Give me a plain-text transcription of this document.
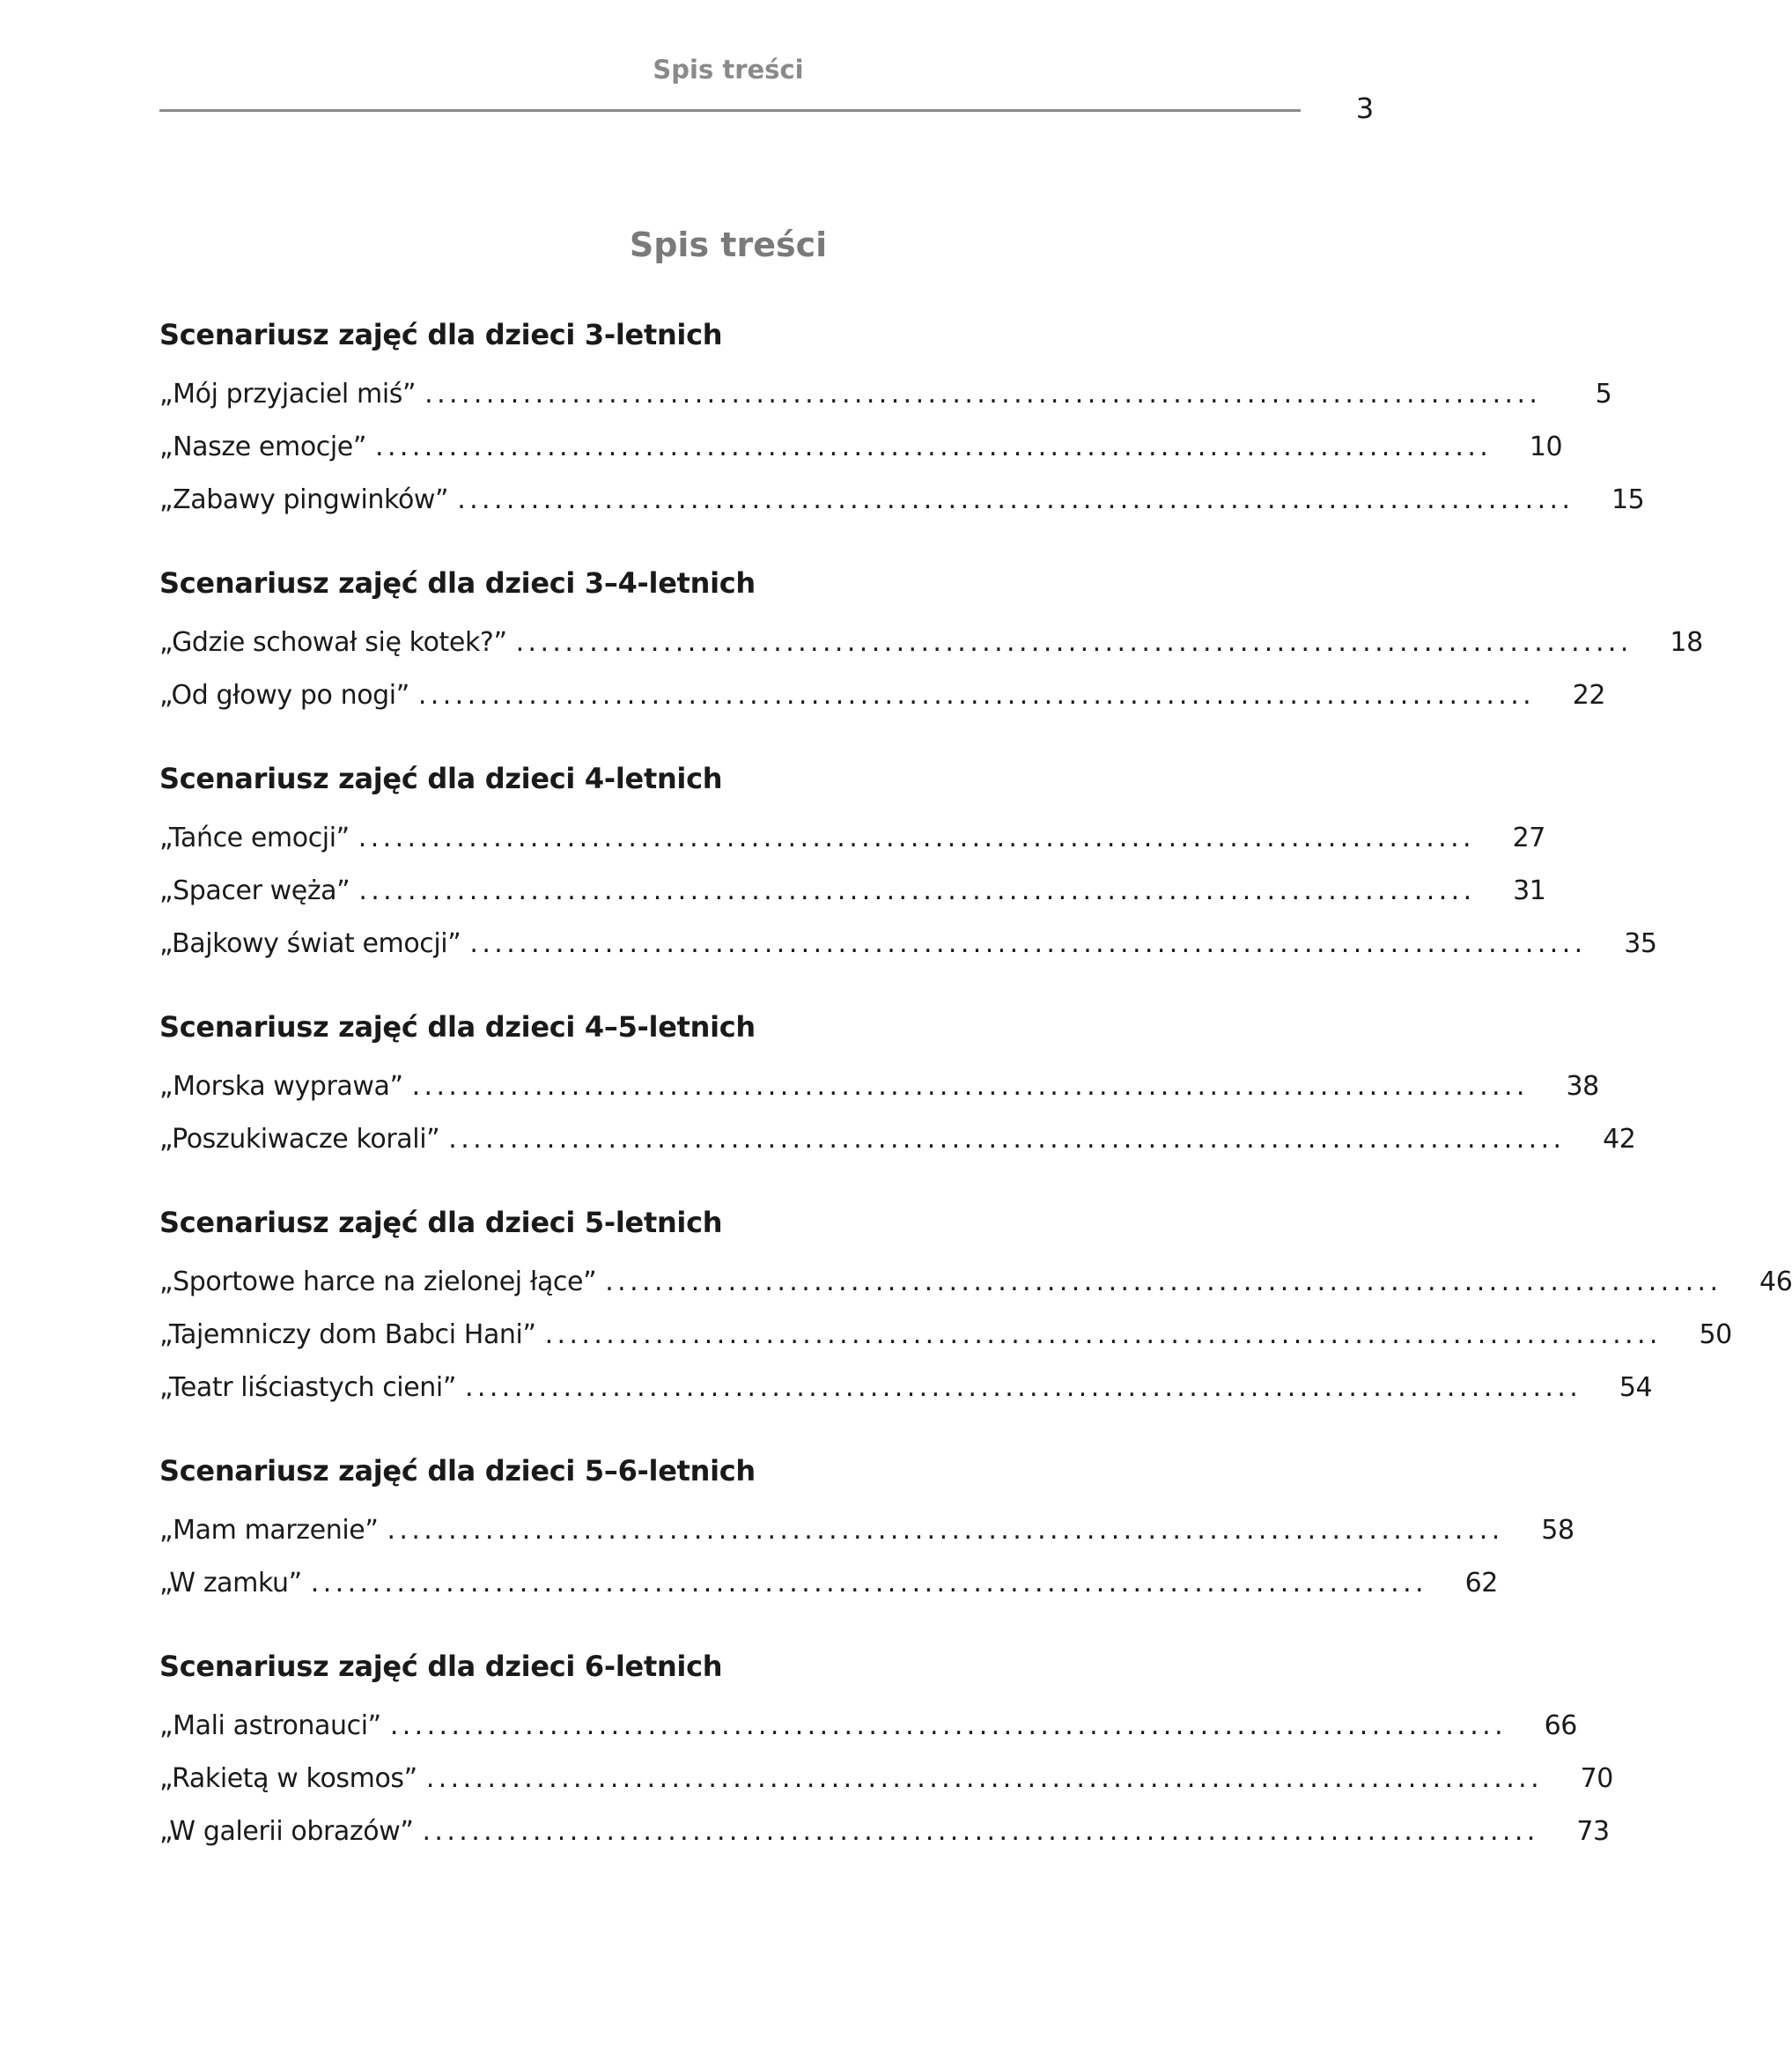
Spis treści
3
Spis treści
Scenariusz zajęć dla dzieci 3-letnich
„Mój przyjaciel miś” ...........................................................................................	5
„Nasze emocje” ...........................................................................................	10
„Zabawy pingwinków” ...........................................................................................	15
Scenariusz zajęć dla dzieci 3–4-letnich
„Gdzie schował się kotek?” ...........................................................................................	18
„Od głowy po nogi” ...........................................................................................	22
Scenariusz zajęć dla dzieci 4-letnich
„Tańce emocji” ...........................................................................................	27
„Spacer węża” ...........................................................................................	31
„Bajkowy świat emocji” ...........................................................................................	35
Scenariusz zajęć dla dzieci 4–5-letnich
„Morska wyprawa” ...........................................................................................	38
„Poszukiwacze korali” ...........................................................................................	42
Scenariusz zajęć dla dzieci 5-letnich
„Sportowe harce na zielonej łące” ...........................................................................................	46
„Tajemniczy dom Babci Hani” ...........................................................................................	50
„Teatr liściastych cieni” ...........................................................................................	54
Scenariusz zajęć dla dzieci 5–6-letnich
„Mam marzenie” ...........................................................................................	58
„W zamku” ...........................................................................................	62
Scenariusz zajęć dla dzieci 6-letnich
„Mali astronauci” ...........................................................................................	66
„Rakietą w kosmos” ...........................................................................................	70
„W galerii obrazów” ...........................................................................................	73
